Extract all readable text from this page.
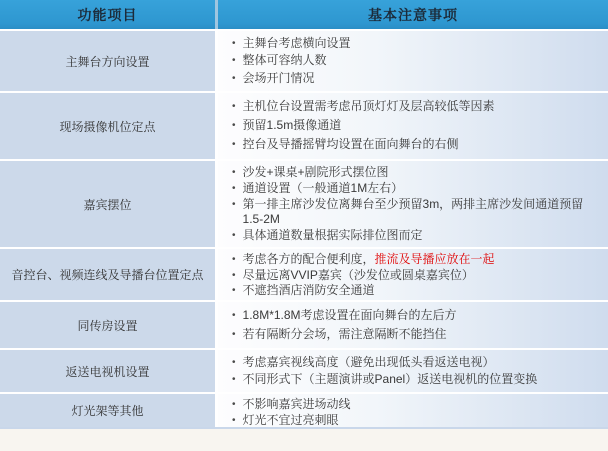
功能项目	基本注意事项
主舞台方向设置
• 主舞台考虑横向设置
• 整体可容纳人数
• 会场开门情况
现场摄像机位定点
• 主机位台设置需考虑吊顶灯灯及层高较低等因素
• 预留1.5m摄像通道
• 控台及导播摇臂均设置在面向舞台的右侧
嘉宾摆位
• 沙发+课桌+剧院形式摆位图
• 通道设置（一般通道1M左右）
• 第一排主席沙发位离舞台至少预留3m，两排主席沙发间通道预留1.5-2M
• 具体通道数量根据实际排位图而定
音控台、视频连线及导播台位置定点
• 考虑各方的配合便利度， 推流及导播应放在一起
• 尽量远离VVIP嘉宾（沙发位或圆桌嘉宾位）
• 不遮挡酒店消防安全通道
同传房设置
• 1.8M*1.8M考虑设置在面向舞台的左后方
• 若有隔断分会场，需注意隔断不能挡住
返送电视机设置
• 考虑嘉宾视线高度（避免出现低头看返送电视）
• 不同形式下（主题演讲或Panel）返送电视机的位置变换
灯光架等其他	• 不影响嘉宾进场动线
• 灯光不宜过亮刺眼
